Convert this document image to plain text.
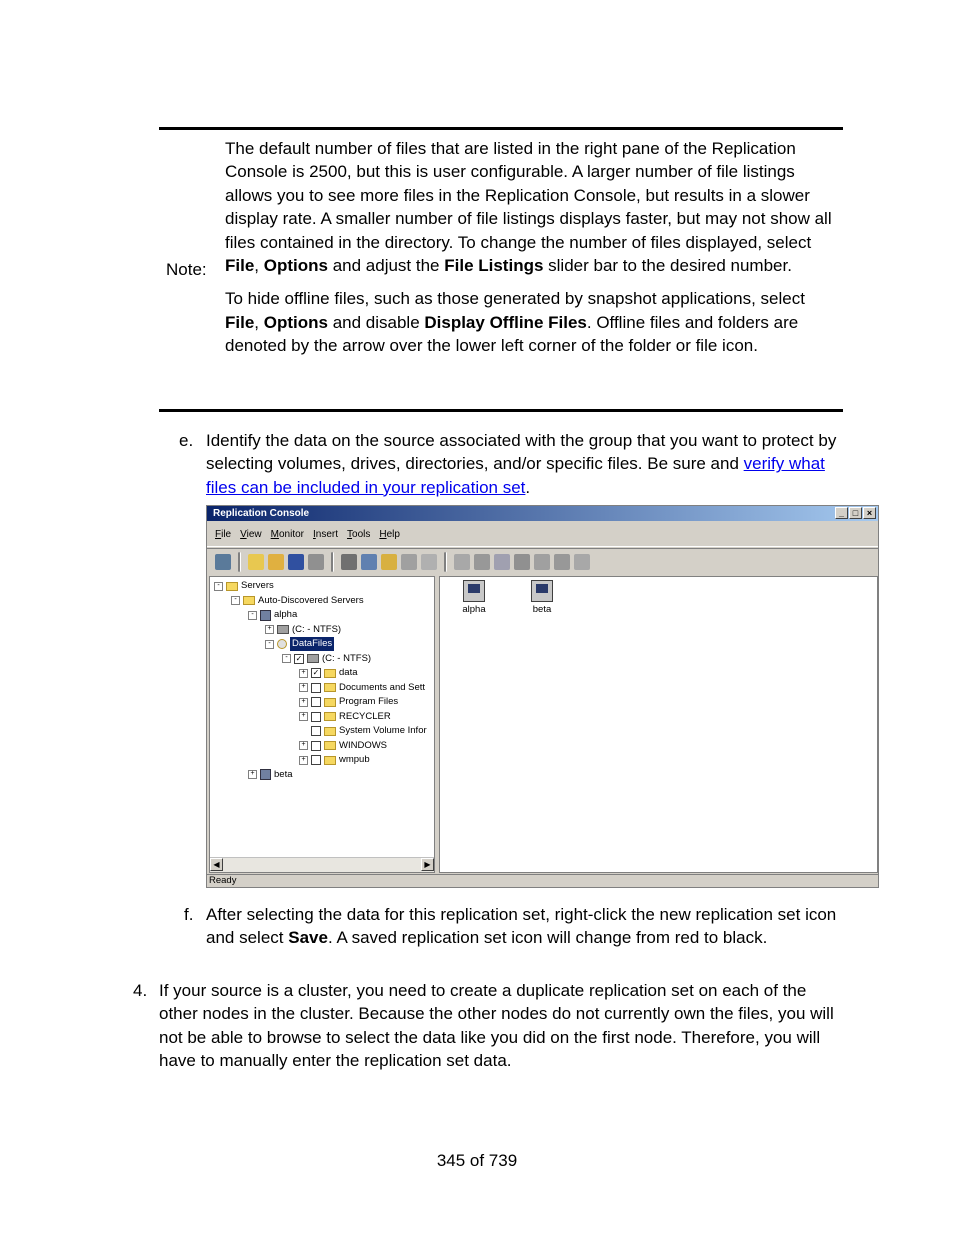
Note:

The default number of files that are listed in the right pane of the Replication Console is 2500, but this is user configurable. A larger number of file listings allows you to see more files in the Replication Console, but results in a slower display rate. A smaller number of file listings displays faster, but may not show all files contained in the directory. To change the number of files displayed, select File, Options and adjust the File Listings slider bar to the desired number.

To hide offline files, such as those generated by snapshot applications, select File, Options and disable Display Offline Files. Offline files and folders are denoted by the arrow over the lower left corner of the folder or file icon.

e. Identify the data on the source associated with the group that you want to protect by selecting volumes, drives, directories, and/or specific files. Be sure and verify what files can be included in your replication set.
Replication Console	_ □ ×
File View Monitor Insert Tools Help
-	Servers
-	Auto-Discovered Servers
-	alpha
+ (C: - NTFS)
-	DataFiles
- ✓ (C: - NTFS)
+ ✓ data
+	Documents and Sett
+	Program Files
+	RECYCLER
System Volume Infor
+	WINDOWS
+	wmpub
+ beta
◀	▶
alpha	beta
Ready
f. After selecting the data for this replication set, right-click the new replication set icon and select Save. A saved replication set icon will change from red to black.
4. If your source is a cluster, you need to create a duplicate replication set on each of the other nodes in the cluster. Because the other nodes do not currently own the files, you will not be able to browse to select the data like you did on the first node. Therefore, you will have to manually enter the replication set data.
345 of 739
